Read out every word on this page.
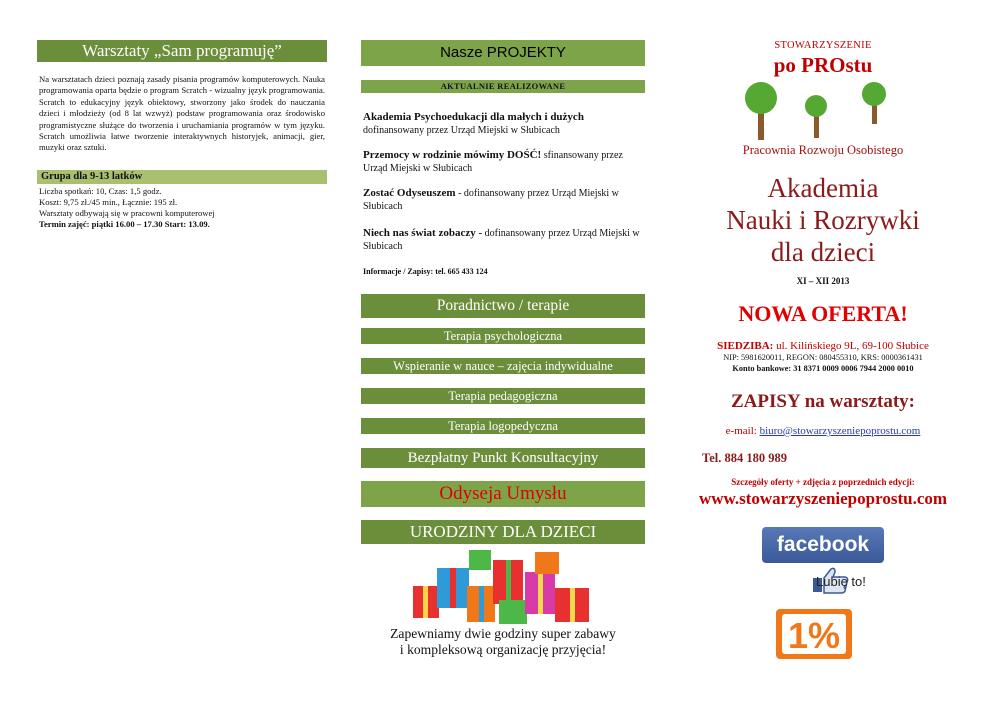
Warsztaty „Sam programuję”
Na warsztatach dzieci poznają zasady pisania programów komputerowych. Nauka programowania oparta będzie o program Scratch - wizualny język programowania. Scratch to edukacyjny język obiektowy, stworzony jako środek do nauczania dzieci i młodzieży (od 8 lat wzwyż) podstaw programowania oraz środowisko programistyczne służące do tworzenia i uruchamiania programów w tym języku. Scratch umożliwia łatwe tworzenie interaktywnych historyjek, animacji, gier, muzyki oraz sztuki.
Grupa dla 9-13 latków
Liczba spotkań: 10, Czas: 1,5 godz.
Koszt: 9,75 zł./45 min., Łącznie: 195 zł.
Warsztaty odbywają się w pracowni komputerowej
Termin zajęć: piątki 16.00 – 17.30 Start: 13.09.
Nasze PROJEKTY
AKTUALNIE REALIZOWANE
Akademia Psychoedukacji dla małych i dużych
dofinansowany przez Urząd Miejski w Słubicach
Przemocy w rodzinie mówimy DOŚĆ! sfinansowany przez Urząd Miejski w Słubicach
Zostać Odyseuszem - dofinansowany przez Urząd Miejski w Słubicach
Niech nas świat zobaczy - dofinansowany przez Urząd Miejski w Słubicach
Informacje / Zapisy: tel. 665 433 124
Poradnictwo / terapie
Terapia psychologiczna
Wspieranie w nauce – zajęcia indywidualne
Terapia pedagogiczna
Terapia logopedyczna
Bezpłatny Punkt Konsultacyjny
Odyseja Umysłu
URODZINY DLA DZIECI
Zapewniamy dwie godziny super zabawy
i kompleksową organizację przyjęcia!
STOWARZYSZENIE
po PROstu
Pracownia Rozwoju Osobistego
Akademia
Nauki i Rozrywki
dla dzieci
XI – XII 2013
NOWA OFERTA!
SIEDZIBA: ul. Kilińskiego 9L, 69-100 Słubice
NIP: 5981620011, REGON: 080455310, KRS: 0000361431
Konto bankowe: 31 8371 0009 0006 7944 2000 0010
ZAPISY na warsztaty:
e-mail: biuro@stowarzyszeniepoprostu.com
Tel. 884 180 989
Szczegóły oferty + zdjęcia z poprzednich edycji:
www.stowarzyszeniepoprostu.com
facebook
Lubię to!
1%
